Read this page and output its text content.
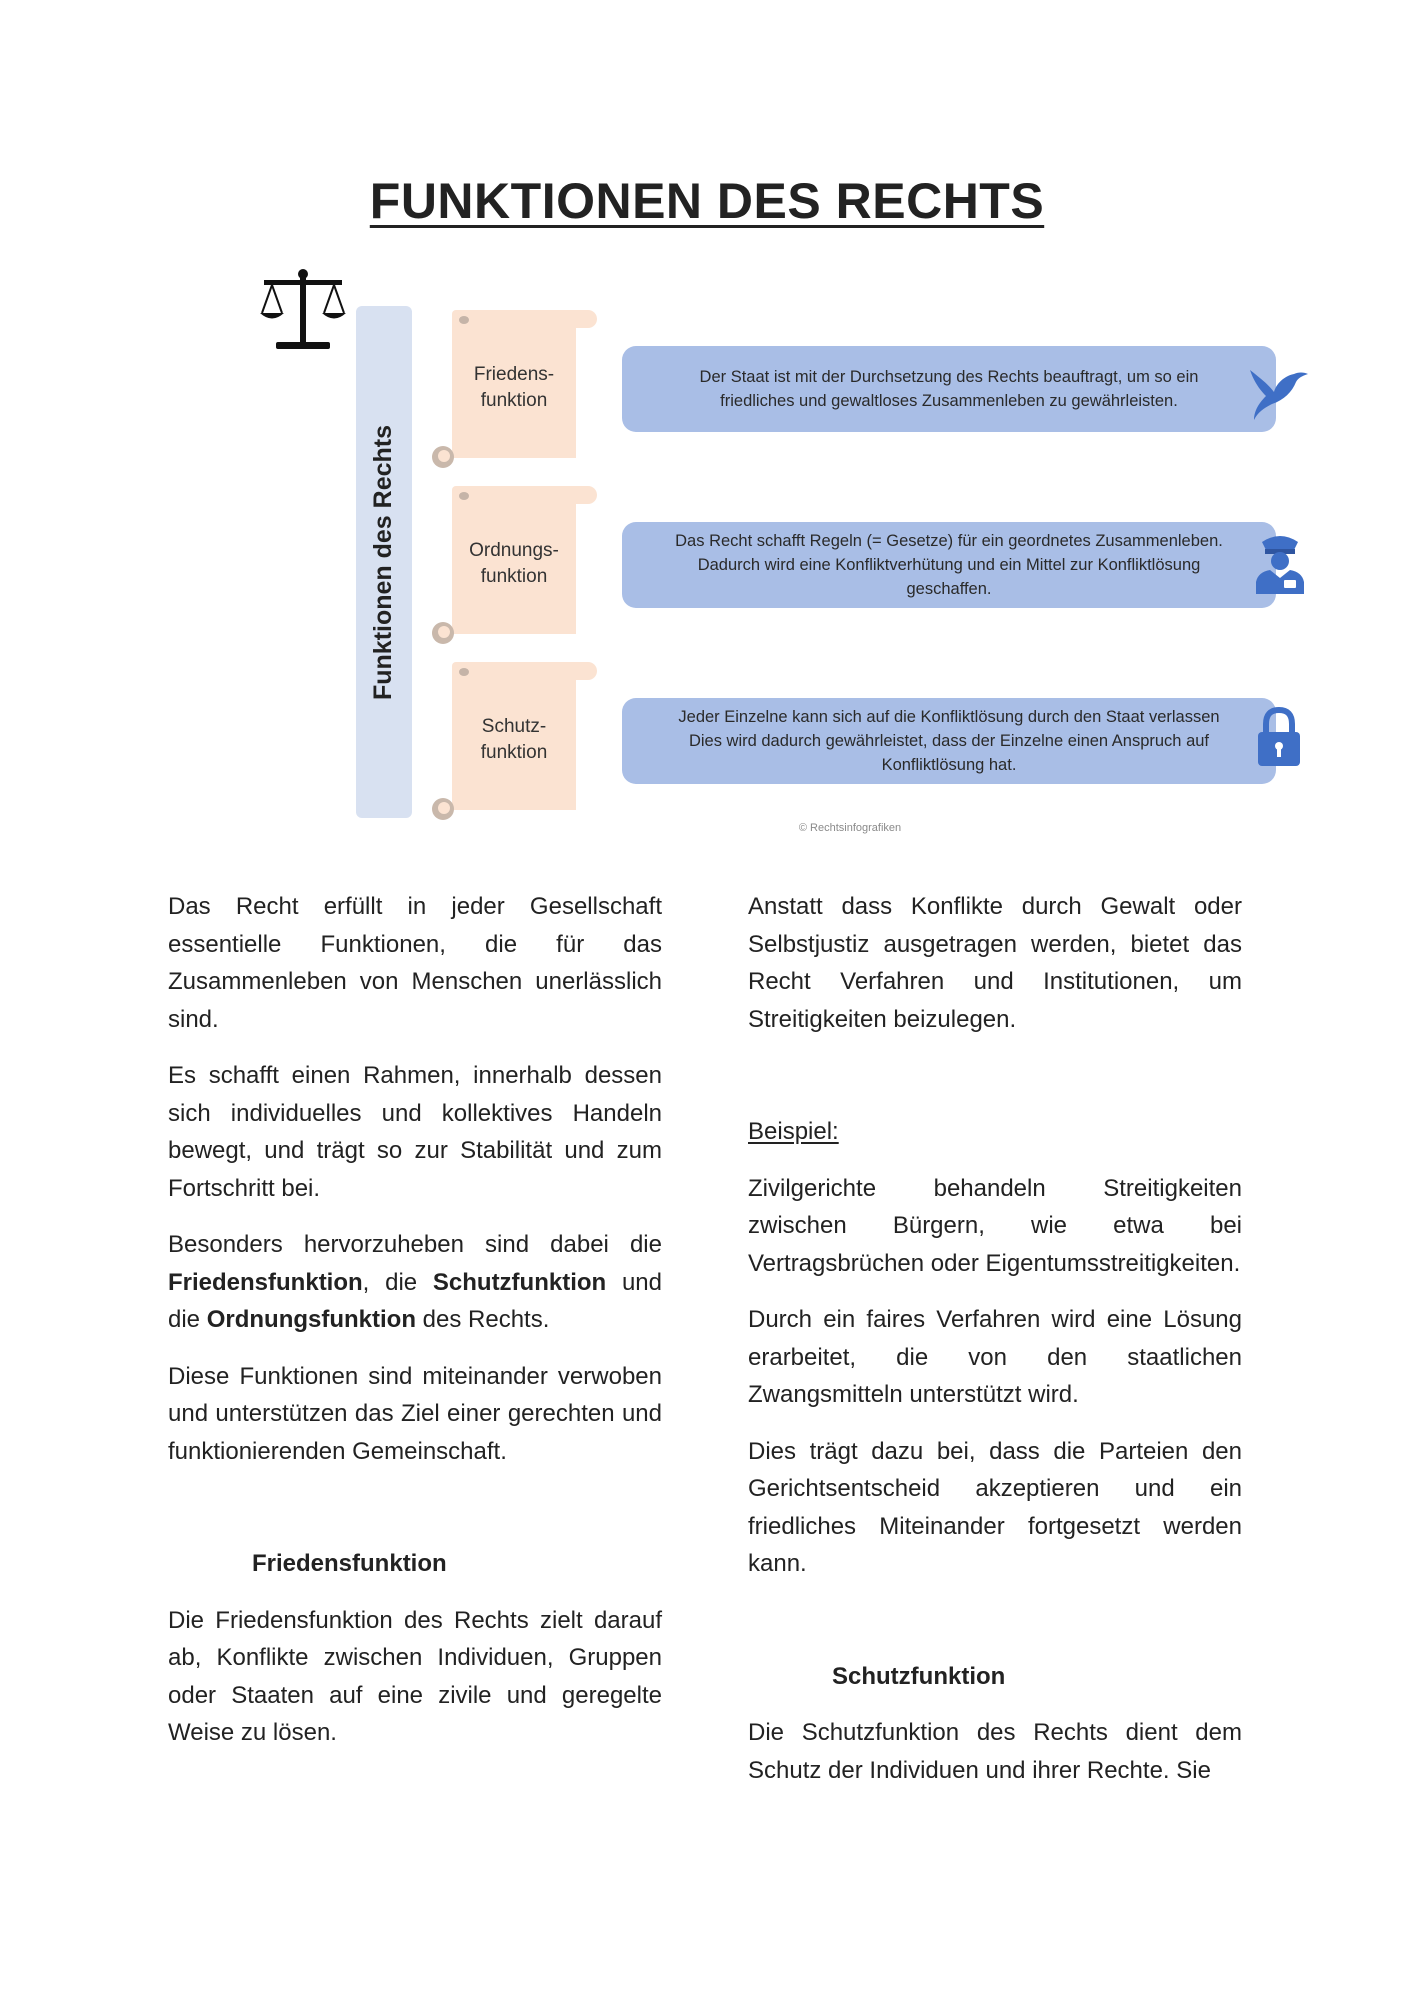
FUNKTIONEN DES RECHTS
Funktionen des Rechts
Friedens-
funktion
Der Staat ist mit der Durchsetzung des Rechts beauftragt, um so ein
friedliches und gewaltloses Zusammenleben zu gewährleisten.
Ordnungs-
funktion
Das Recht schafft Regeln (= Gesetze) für ein geordnetes Zusammenleben.
Dadurch wird eine Konfliktverhütung und ein Mittel zur Konfliktlösung
geschaffen.
Schutz-
funktion
Jeder Einzelne kann sich auf die Konfliktlösung durch den Staat verlassen
Dies wird dadurch gewährleistet, dass der Einzelne einen Anspruch auf
Konfliktlösung hat.
© Rechtsinfografiken

Das Recht erfüllt in jeder Gesellschaft essentielle Funktionen, die für das Zusammenleben von Menschen unerlässlich sind.

Es schafft einen Rahmen, innerhalb dessen sich individuelles und kollektives Handeln bewegt, und trägt so zur Stabilität und zum Fortschritt bei.

Besonders hervorzuheben sind dabei die Friedensfunktion, die Schutzfunktion und die Ordnungsfunktion des Rechts.

Diese Funktionen sind miteinander verwoben und unterstützen das Ziel einer gerechten und funktionierenden Gemeinschaft.

Friedensfunktion

Die Friedensfunktion des Rechts zielt darauf ab, Konflikte zwischen Individuen, Gruppen oder Staaten auf eine zivile und geregelte Weise zu lösen.

Anstatt dass Konflikte durch Gewalt oder Selbstjustiz ausgetragen werden, bietet das Recht Verfahren und Institutionen, um Streitigkeiten beizulegen.

Beispiel:

Zivilgerichte behandeln Streitigkeiten zwischen Bürgern, wie etwa bei Vertragsbrüchen oder Eigentumsstreitigkeiten.

Durch ein faires Verfahren wird eine Lösung erarbeitet, die von den staatlichen Zwangsmitteln unterstützt wird.

Dies trägt dazu bei, dass die Parteien den Gerichtsentscheid akzeptieren und ein friedliches Miteinander fortgesetzt werden kann.

Schutzfunktion

Die Schutzfunktion des Rechts dient dem Schutz der Individuen und ihrer Rechte. Sie
